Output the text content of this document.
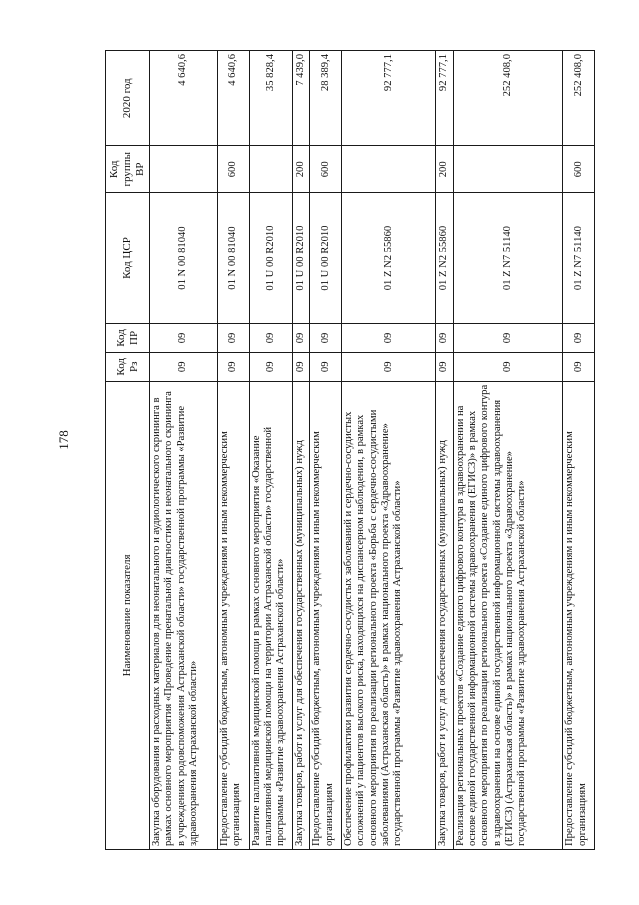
178
Наименование показателя	Код Рз	Код ПР	Код ЦСР	Код группы ВР	2020 год
Закупка оборудования и расходных материалов для неонатального и аудиологического скрининга в рамках основного мероприятия «Проведение пренатальной диагностики и неонатального скрининга в учреждениях родовспоможения Астраханской области» государственной программы «Развитие здравоохранения Астраханской области»	09	09	01 N 00 81040		4 640,6
Предоставление субсидий бюджетным, автономным учреждениям и иным некоммерческим организациям	09	09	01 N 00 81040	600	4 640,6
Развитие паллиативной медицинской помощи в рамках основного мероприятия «Оказание паллиативной медицинской помощи на территории Астраханской области» государственной программы «Развитие здравоохранения Астраханской области»	09	09	01 U 00 R2010		35 828,4
Закупка товаров, работ и услуг для обеспечения государственных (муниципальных) нужд	09	09	01 U 00 R2010	200	7 439,0
Предоставление субсидий бюджетным, автономным учреждениям и иным некоммерческим организациям	09	09	01 U 00 R2010	600	28 389,4
Обеспечение профилактики развития сердечно-сосудистых заболеваний и сердечно-сосудистых осложнений у пациентов высокого риска, находящихся на диспансерном наблюдении, в рамках основного мероприятия по реализации регионального проекта «Борьба с сердечно-сосудистыми заболеваниями (Астраханская область)» в рамках национального проекта «Здравоохранение» государственной программы «Развитие здравоохранения Астраханской области»	09	09	01 Z N2 55860		92 777,1
Закупка товаров, работ и услуг для обеспечения государственных (муниципальных) нужд	09	09	01 Z N2 55860	200	92 777,1
Реализация региональных проектов «Создание единого цифрового контура в здравоохранении на основе единой государственной информационной системы здравоохранения (ЕГИСЗ)» в рамках основного мероприятия по реализации регионального проекта «Создание единого цифрового контура в здравоохранении на основе единой государственной информационной системы здравоохранения (ЕГИСЗ) (Астраханская область)» в рамках национального проекта «Здравоохранение» государственной программы «Развитие здравоохранения Астраханской области»	09	09	01 Z N7 51140		252 408,0
Предоставление субсидий бюджетным, автономным учреждениям и иным некоммерческим организациям	09	09	01 Z N7 51140	600	252 408,0
